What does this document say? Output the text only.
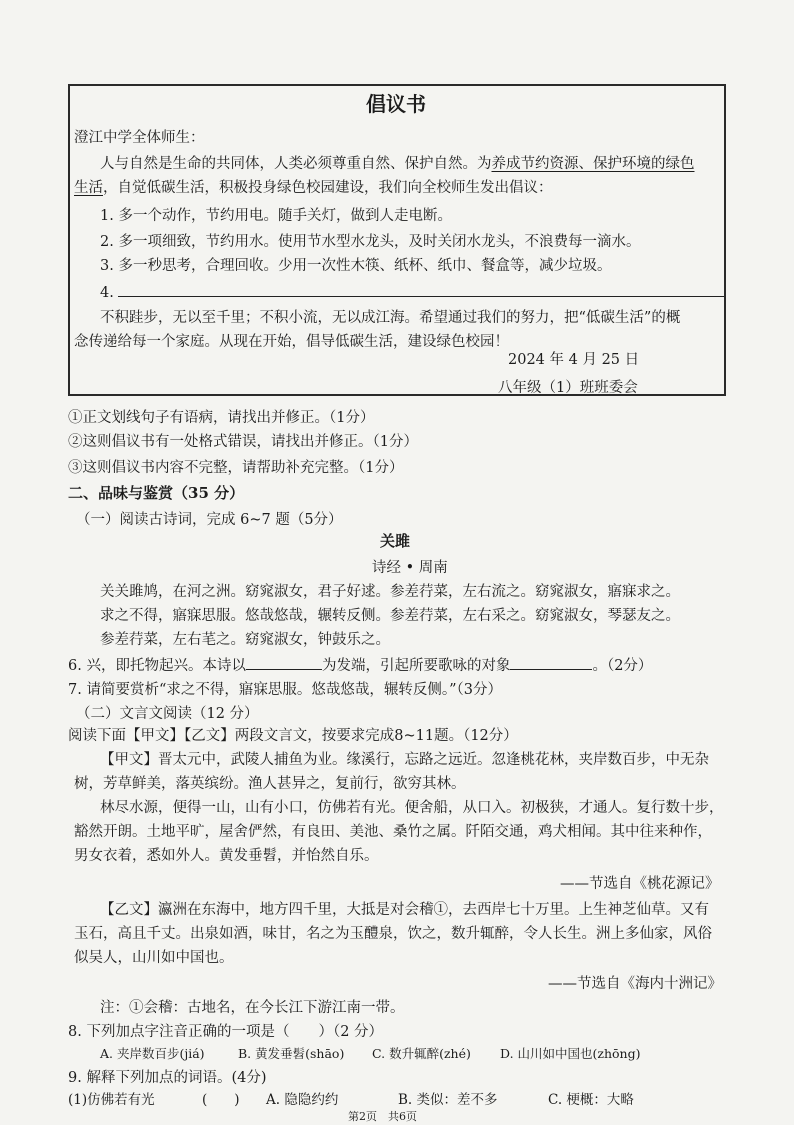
倡议书
澄江中学全体师生：
人与自然是生命的共同体，人类必须尊重自然、保护自然。为养成节约资源、保护环境的绿色
生活，自觉低碳生活，积极投身绿色校园建设，我们向全校师生发出倡议：
1. 多一个动作，节约用电。随手关灯，做到人走电断。
2. 多一项细致，节约用水。使用节水型水龙头，及时关闭水龙头，不浪费每一滴水。
3. 多一秒思考，合理回收。少用一次性木筷、纸杯、纸巾、餐盒等，减少垃圾。
4.
不积跬步，无以至千里；不积小流，无以成江海。希望通过我们的努力，把“低碳生活”的概
念传递给每一个家庭。从现在开始，倡导低碳生活，建设绿色校园！
2024 年 4 月 25 日
八年级（1）班班委会
①正文划线句子有语病，请找出并修正。（1分）
②这则倡议书有一处格式错误，请找出并修正。（1分）
③这则倡议书内容不完整，请帮助补充完整。（1分）
二、品味与鉴赏（35 分）
（一）阅读古诗词，完成 6~7 题（5分）
关雎
诗经 • 周南
关关雎鸠，在河之洲。窈窕淑女，君子好逑。参差荇菜，左右流之。窈窕淑女，寤寐求之。
求之不得，寤寐思服。悠哉悠哉，辗转反侧。参差荇菜，左右采之。窈窕淑女，琴瑟友之。
参差荇菜，左右芼之。窈窕淑女，钟鼓乐之。
6. 兴，即托物起兴。本诗以	为发端，引起所要歌咏的对象	。（2分）
7. 请简要赏析“求之不得，寤寐思服。悠哉悠哉，辗转反侧。”（3分）
（二）文言文阅读（12 分）
阅读下面【甲文】【乙文】两段文言文，按要求完成8~11题。（12分）
【甲文】晋太元中，武陵人捕鱼为业。缘溪行，忘路之远近。忽逢桃花林，夹岸数百步，中无杂
树，芳草鲜美，落英缤纷。渔人甚异之，复前行，欲穷其林。
林尽水源，便得一山，山有小口，仿佛若有光。便舍船，从口入。初极狭，才通人。复行数十步，
豁然开朗。土地平旷，屋舍俨然，有良田、美池、桑竹之属。阡陌交通，鸡犬相闻。其中往来种作，
男女衣着，悉如外人。黄发垂髫，并怡然自乐。
——节选自《桃花源记》
【乙文】瀛洲在东海中，地方四千里，大抵是对会稽①，去西岸七十万里。上生神芝仙草。又有
玉石，高且千丈。出泉如酒，味甘，名之为玉醴泉，饮之，数升辄醉，令人长生。洲上多仙家，风俗
似吴人，山川如中国也。
——节选自《海内十洲记》
注：①会稽：古地名，在今长江下游江南一带。
8. 下列加点字注音正确的一项是（　　）（2 分）
A. 夹岸数百步(jiá)	B. 黄发垂髫(shāo) C. 数升辄醉(zhé) D. 山川如中国也(zhōng)
9. 解释下列加点的词语。(4分)
(1)仿佛若有光	(　　) A. 隐隐约约	B. 类似：差不多	C. 梗概：大略
第2页　共6页
